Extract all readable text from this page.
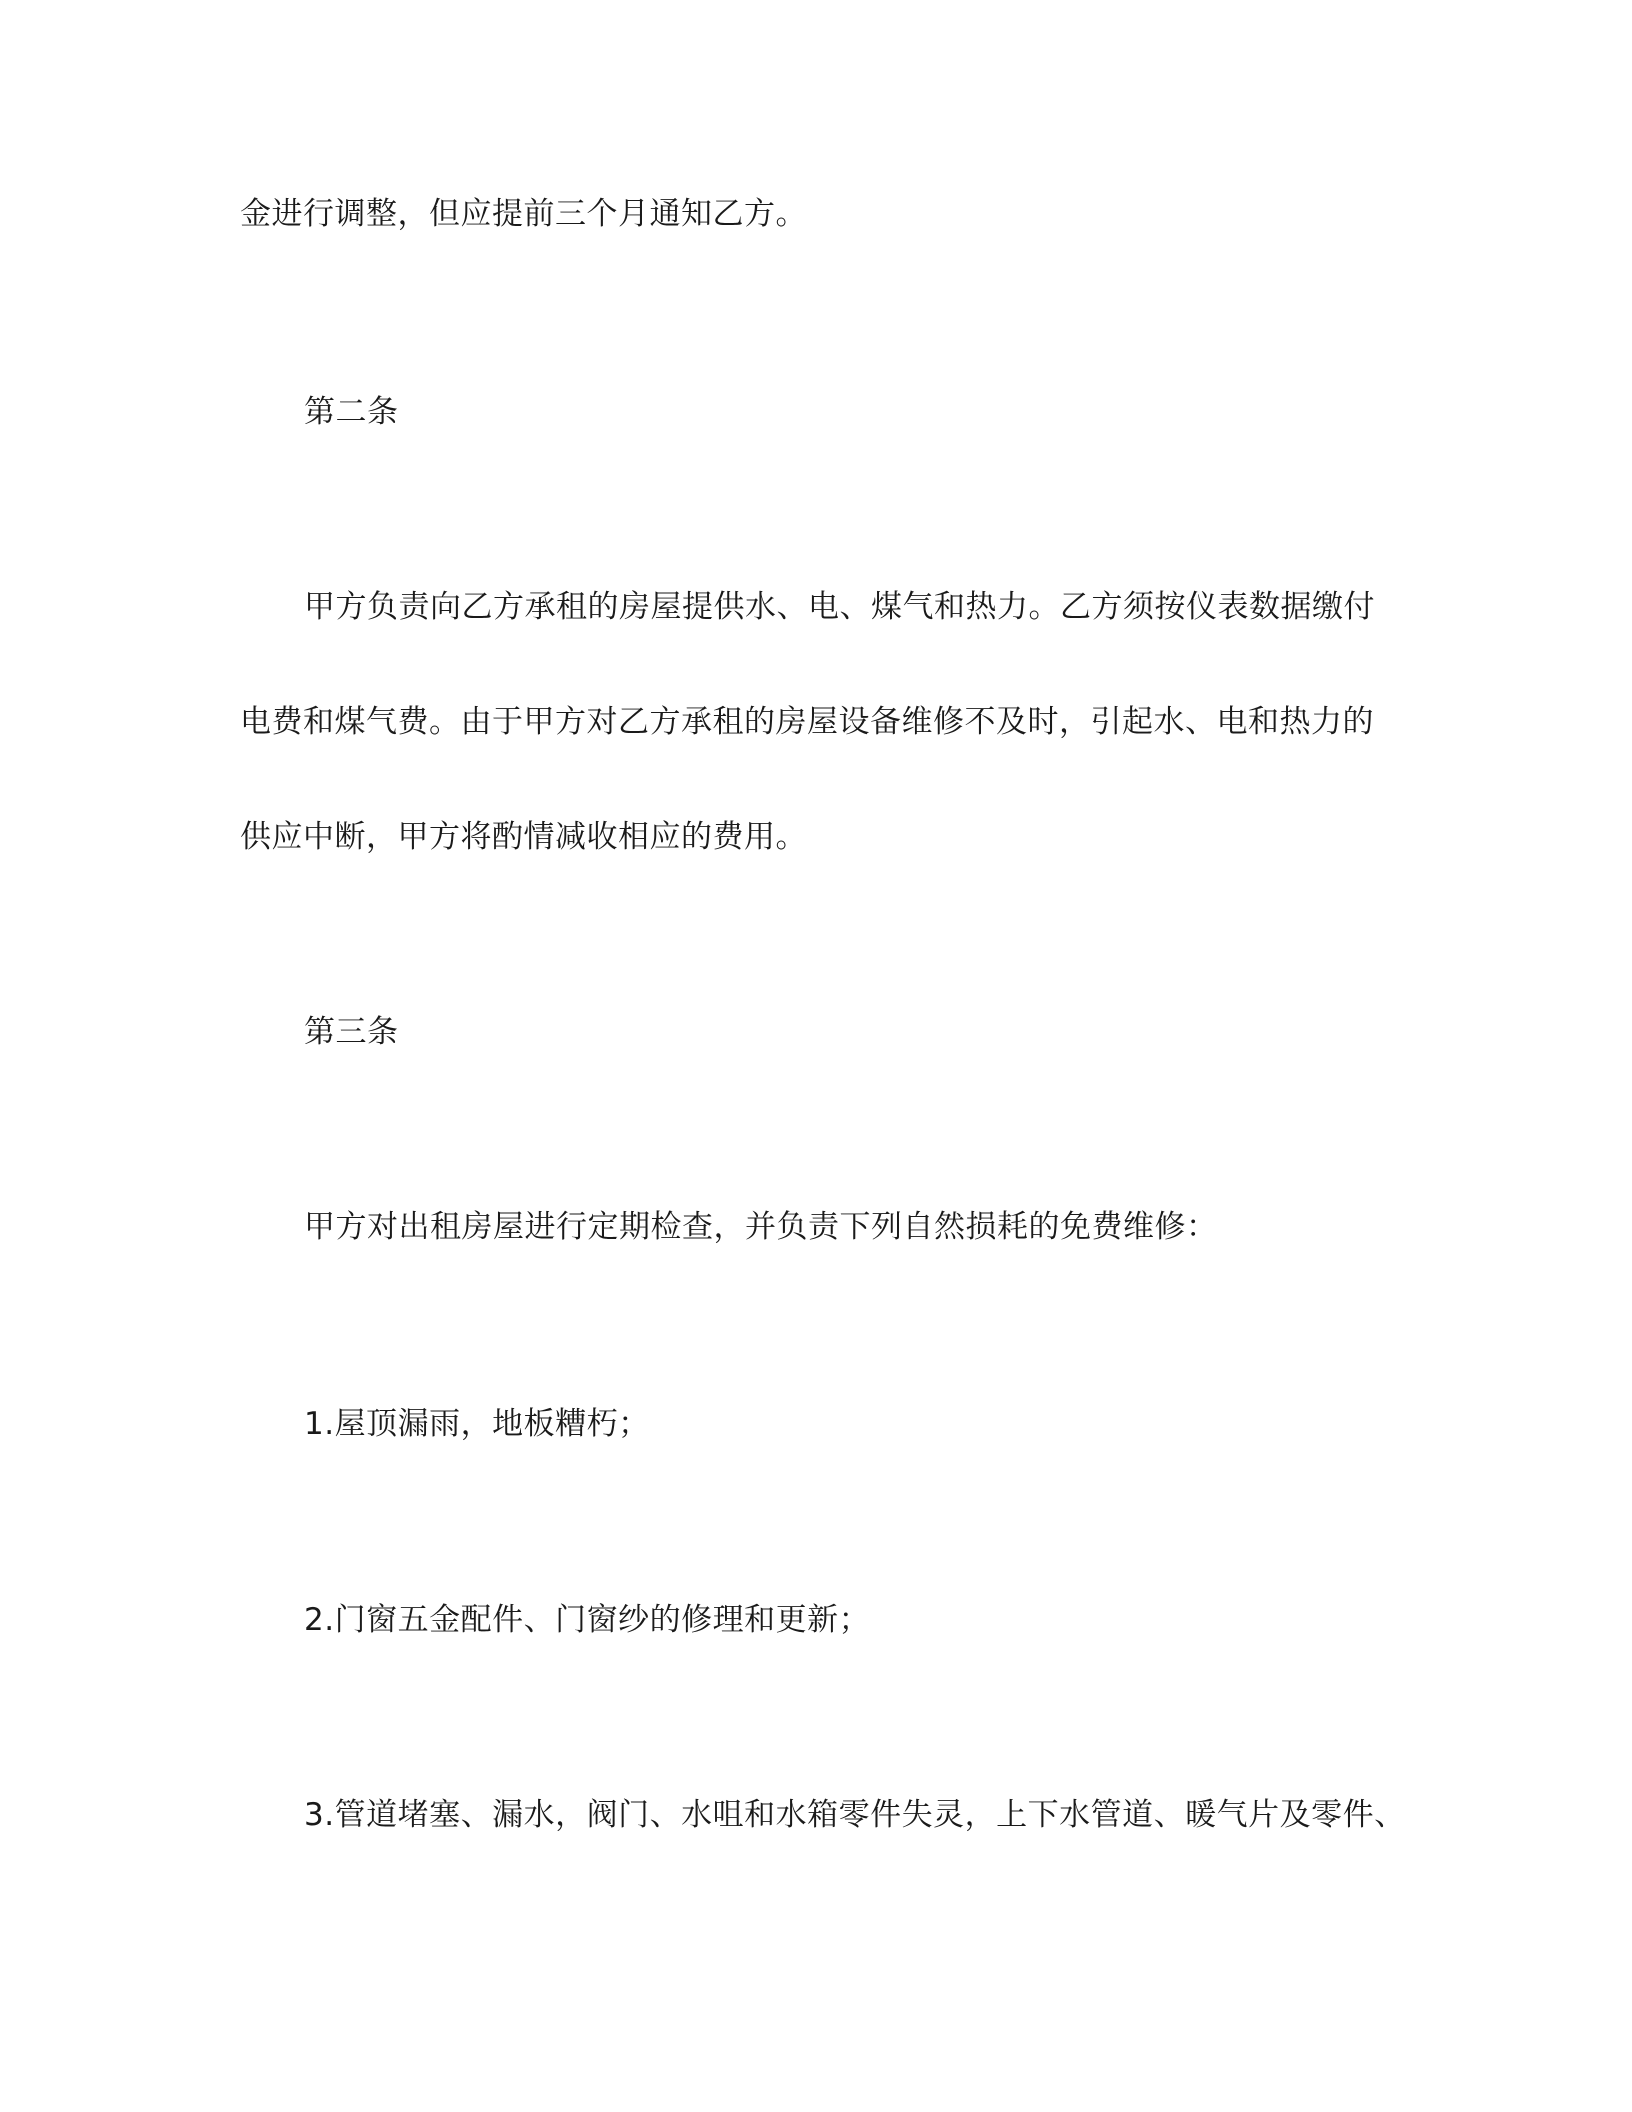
金进行调整，但应提前三个月通知乙方。
第二条
甲方负责向乙方承租的房屋提供水、电、煤气和热力。乙方须按仪表数据缴付
电费和煤气费。由于甲方对乙方承租的房屋设备维修不及时，引起水、电和热力的
供应中断，甲方将酌情减收相应的费用。
第三条
甲方对出租房屋进行定期检查，并负责下列自然损耗的免费维修：
1.屋顶漏雨，地板糟朽；
2.门窗五金配件、门窗纱的修理和更新；
3.管道堵塞、漏水，阀门、水咀和水箱零件失灵，上下水管道、暖气片及零件、
